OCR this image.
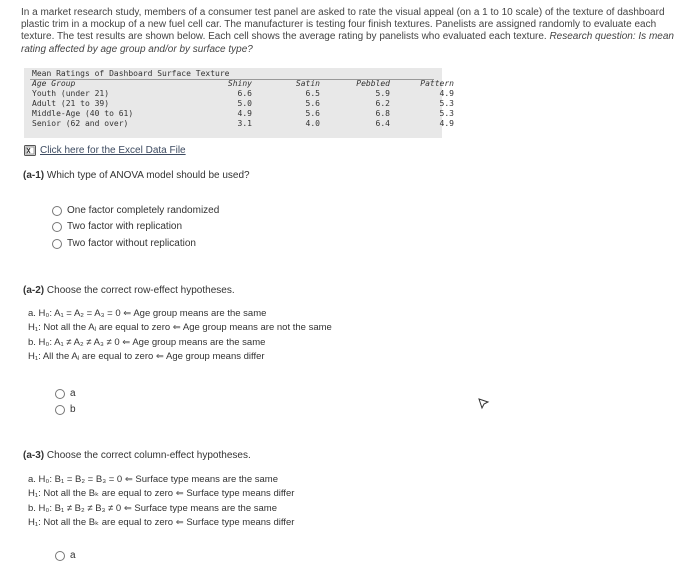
In a market research study, members of a consumer test panel are asked to rate the visual appeal (on a 1 to 10 scale) of the texture of dashboard plastic trim in a mockup of a new fuel cell car. The manufacturer is testing four finish textures. Panelists are assigned randomly to evaluate each texture. The test results are shown below. Each cell shows the average rating by panelists who evaluated each texture. Research question: Is mean rating affected by age group and/or by surface type?
Mean Ratings of Dashboard Surface Texture
Age Group	Shiny	Satin	Pebbled	Pattern
Youth (under 21)	6.6	6.5	5.9	4.9
Adult (21 to 39)	5.0	5.6	6.2	5.3
Middle-Age (40 to 61)	4.9	5.6	6.8	5.3
Senior (62 and over)	3.1	4.0	6.4	4.9
Click here for the Excel Data File
(a-1) Which type of ANOVA model should be used?
One factor completely randomized
Two factor with replication
Two factor without replication
(a-2) Choose the correct row-effect hypotheses.
a. H₀: A₁ = A₂ = A₃ = 0 ⇐ Age group means are the same
H₁: Not all the Aⱼ are equal to zero ⇐ Age group means are not the same
b. H₀: A₁ ≠ A₂ ≠ A₃ ≠ 0 ⇐ Age group means are the same
H₁: All the Aⱼ are equal to zero ⇐ Age group means differ
a
b
(a-3) Choose the correct column-effect hypotheses.
a. H₀: B₁ = B₂ = B₃ = 0 ⇐ Surface type means are the same
H₁: Not all the Bₖ are equal to zero ⇐ Surface type means differ
b. H₀: B₁ ≠ B₂ ≠ B₃ ≠ 0 ⇐ Surface type means are the same
H₁: Not all the Bₖ are equal to zero ⇐ Surface type means differ
a
